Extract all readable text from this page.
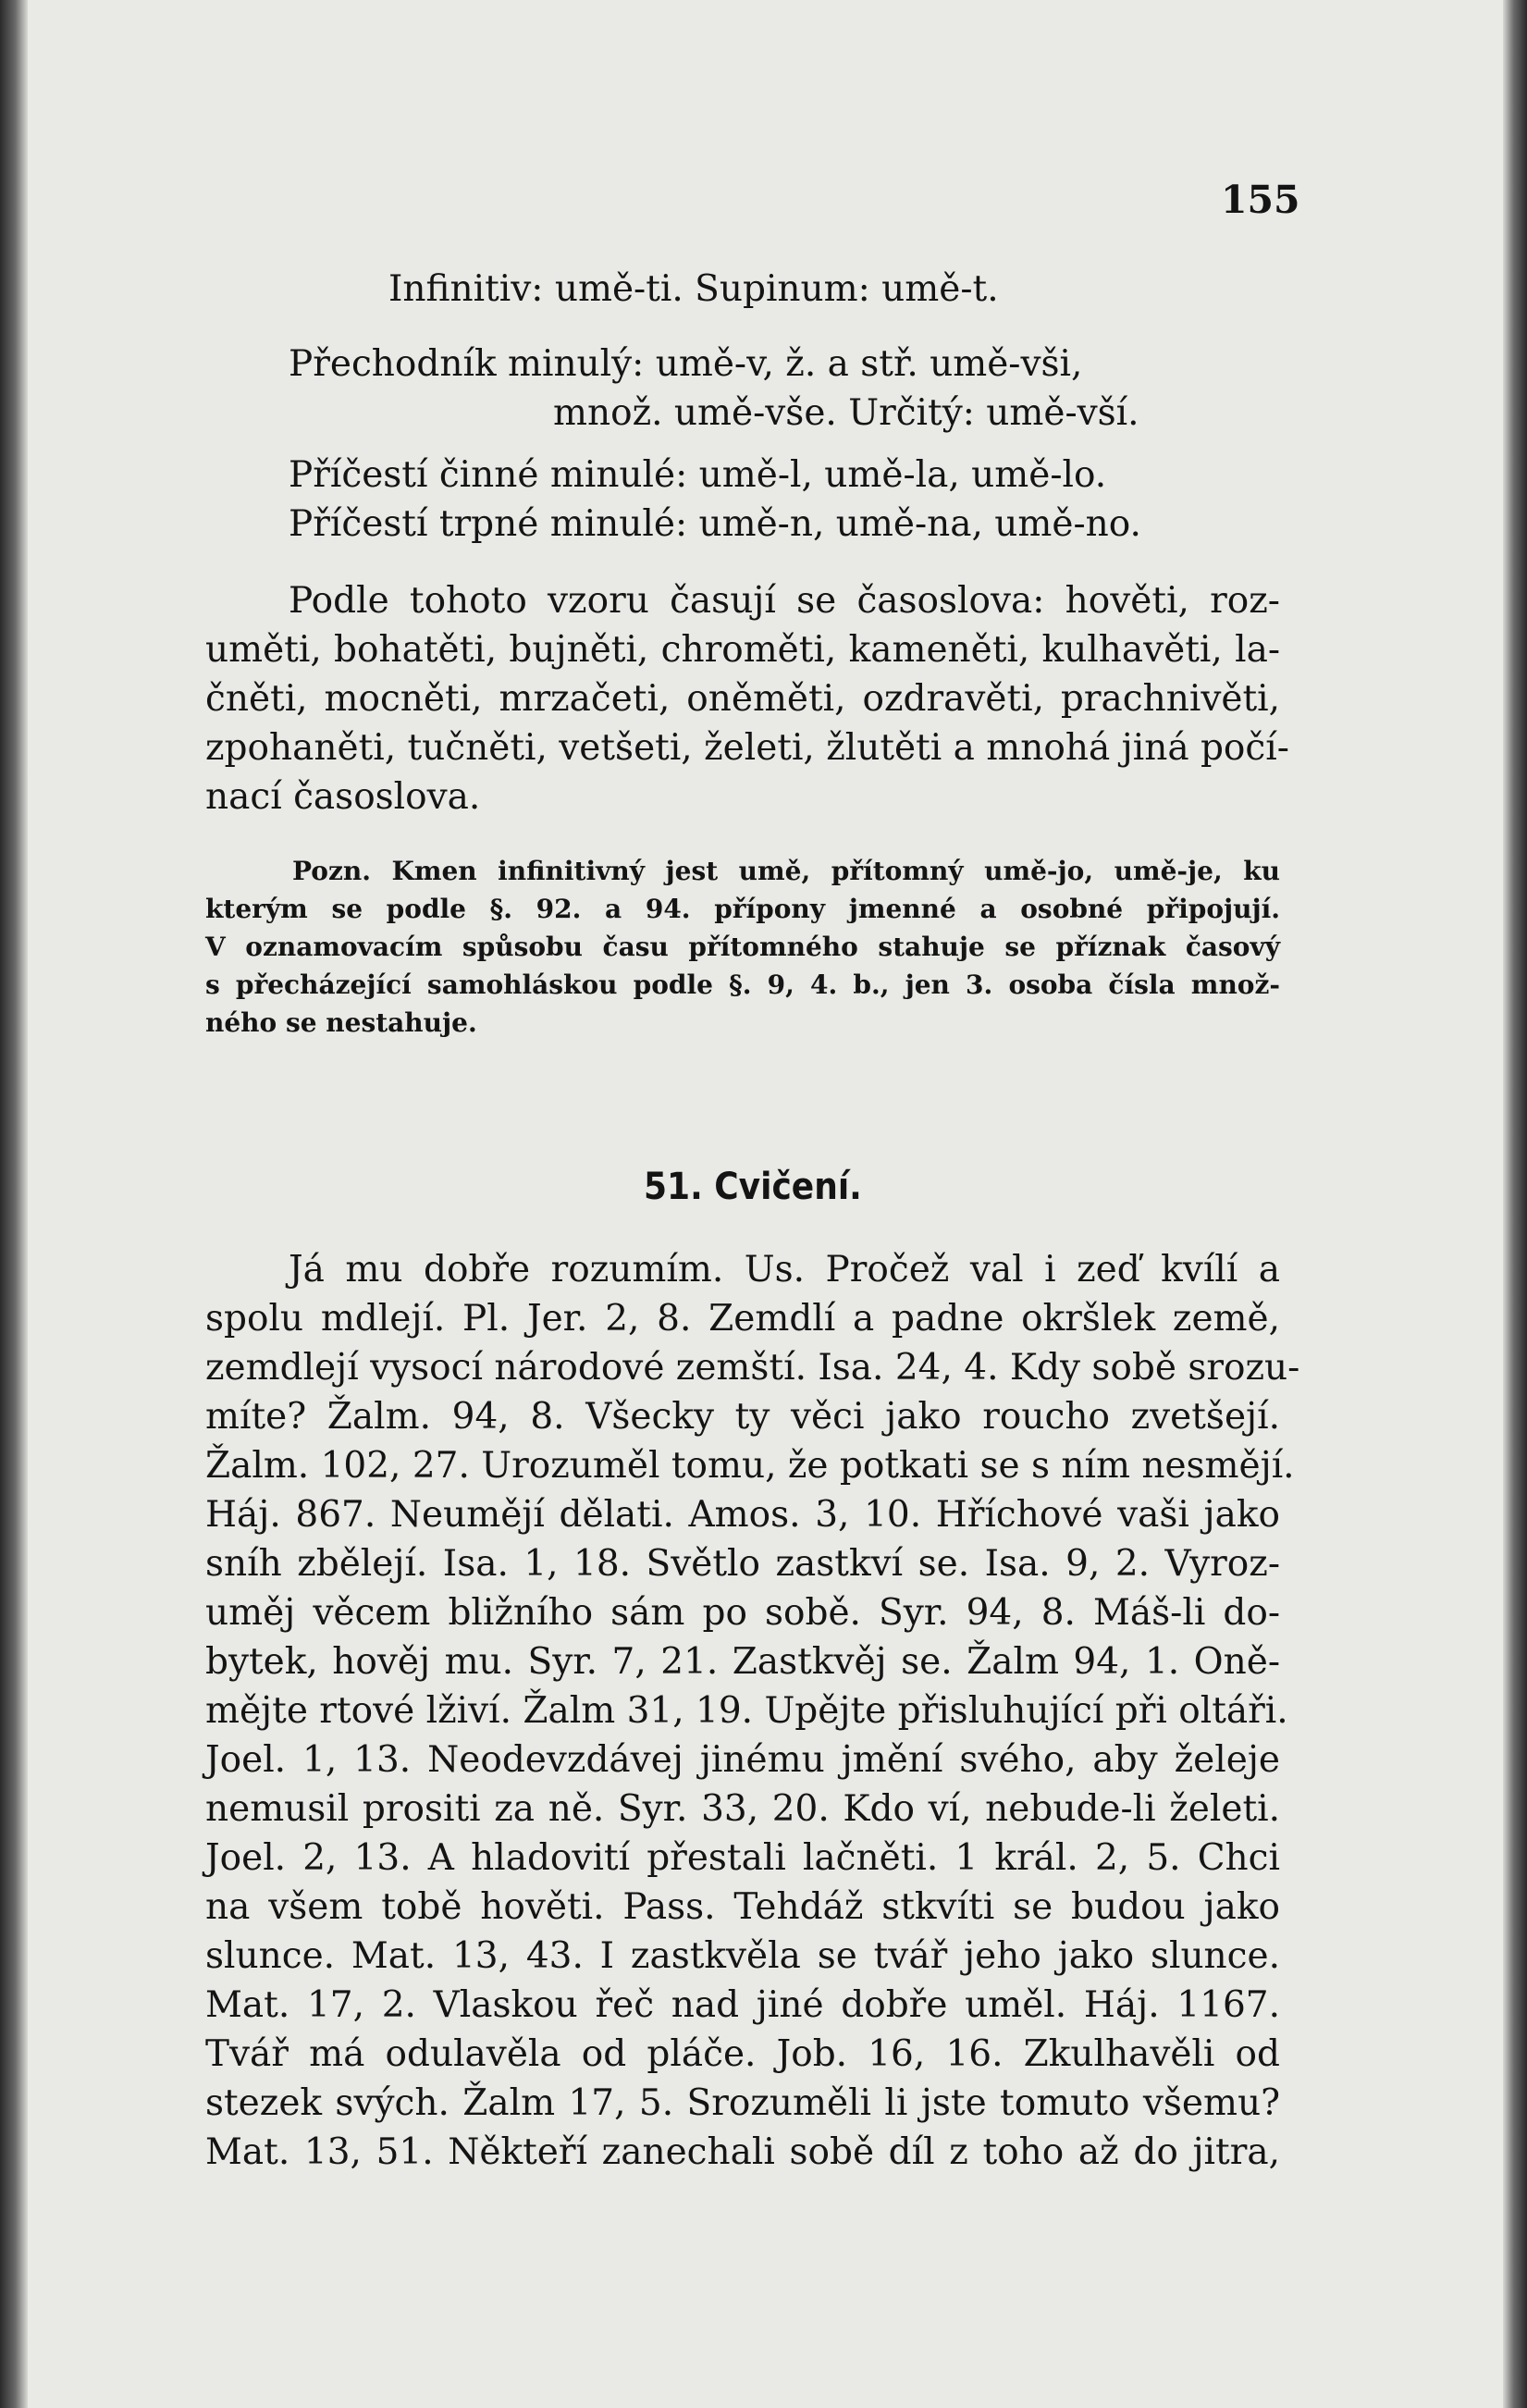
155
Infinitiv: umě-ti. Supinum: umě-t.
Přechodník minulý: umě-v, ž. a stř. umě-vši,
množ. umě-vše. Určitý: umě-vší.
Příčestí činné minulé: umě-l, umě-la, umě-lo.
Příčestí trpné minulé: umě-n, umě-na, umě-no.
Podle tohoto vzoru časují se časoslova: hověti, roz-
uměti, bohatěti, bujněti, chroměti, kameněti, kulhavěti, la-
čněti, mocněti, mrzačeti, oněměti, ozdravěti, prachnivěti,
zpohaněti, tučněti, vetšeti, želeti, žlutěti a mnohá jiná počí-
nací časoslova.
Pozn. Kmen infinitivný jest umě, přítomný umě-jo, umě-je, ku
kterým se podle §. 92. a 94. přípony jmenné a osobné připojují.
V oznamovacím spůsobu času přítomného stahuje se příznak časový
s přecházející samohláskou podle §. 9, 4. b., jen 3. osoba čísla množ-
ného se nestahuje.
51. Cvičení.
Já mu dobře rozumím. Us. Pročež val i zeď kvílí a
spolu mdlejí. Pl. Jer. 2, 8. Zemdlí a padne okršlek země,
zemdlejí vysocí národové zemští. Isa. 24, 4. Kdy sobě srozu-
míte? Žalm. 94, 8. Všecky ty věci jako roucho zvetšejí.
Žalm. 102, 27. Urozuměl tomu, že potkati se s ním nesmějí.
Háj. 867. Neumějí dělati. Amos. 3, 10. Hříchové vaši jako
sníh zbělejí. Isa. 1, 18. Světlo zastkví se. Isa. 9, 2. Vyroz-
uměj věcem bližního sám po sobě. Syr. 94, 8. Máš-li do-
bytek, hověj mu. Syr. 7, 21. Zastkvěj se. Žalm 94, 1. Oně-
mějte rtové lživí. Žalm 31, 19. Upějte přisluhující při oltáři.
Joel. 1, 13. Neodevzdávej jinému jmění svého, aby želeje
nemusil prositi za ně. Syr. 33, 20. Kdo ví, nebude-li želeti.
Joel. 2, 13. A hladovití přestali lačněti. 1 král. 2, 5. Chci
na všem tobě hověti. Pass. Tehdáž stkvíti se budou jako
slunce. Mat. 13, 43. I zastkvěla se tvář jeho jako slunce.
Mat. 17, 2. Vlaskou řeč nad jiné dobře uměl. Háj. 1167.
Tvář má odulavěla od pláče. Job. 16, 16. Zkulhavěli od
stezek svých. Žalm 17, 5. Srozuměli li jste tomuto všemu?
Mat. 13, 51. Někteří zanechali sobě díl z toho až do jitra,
